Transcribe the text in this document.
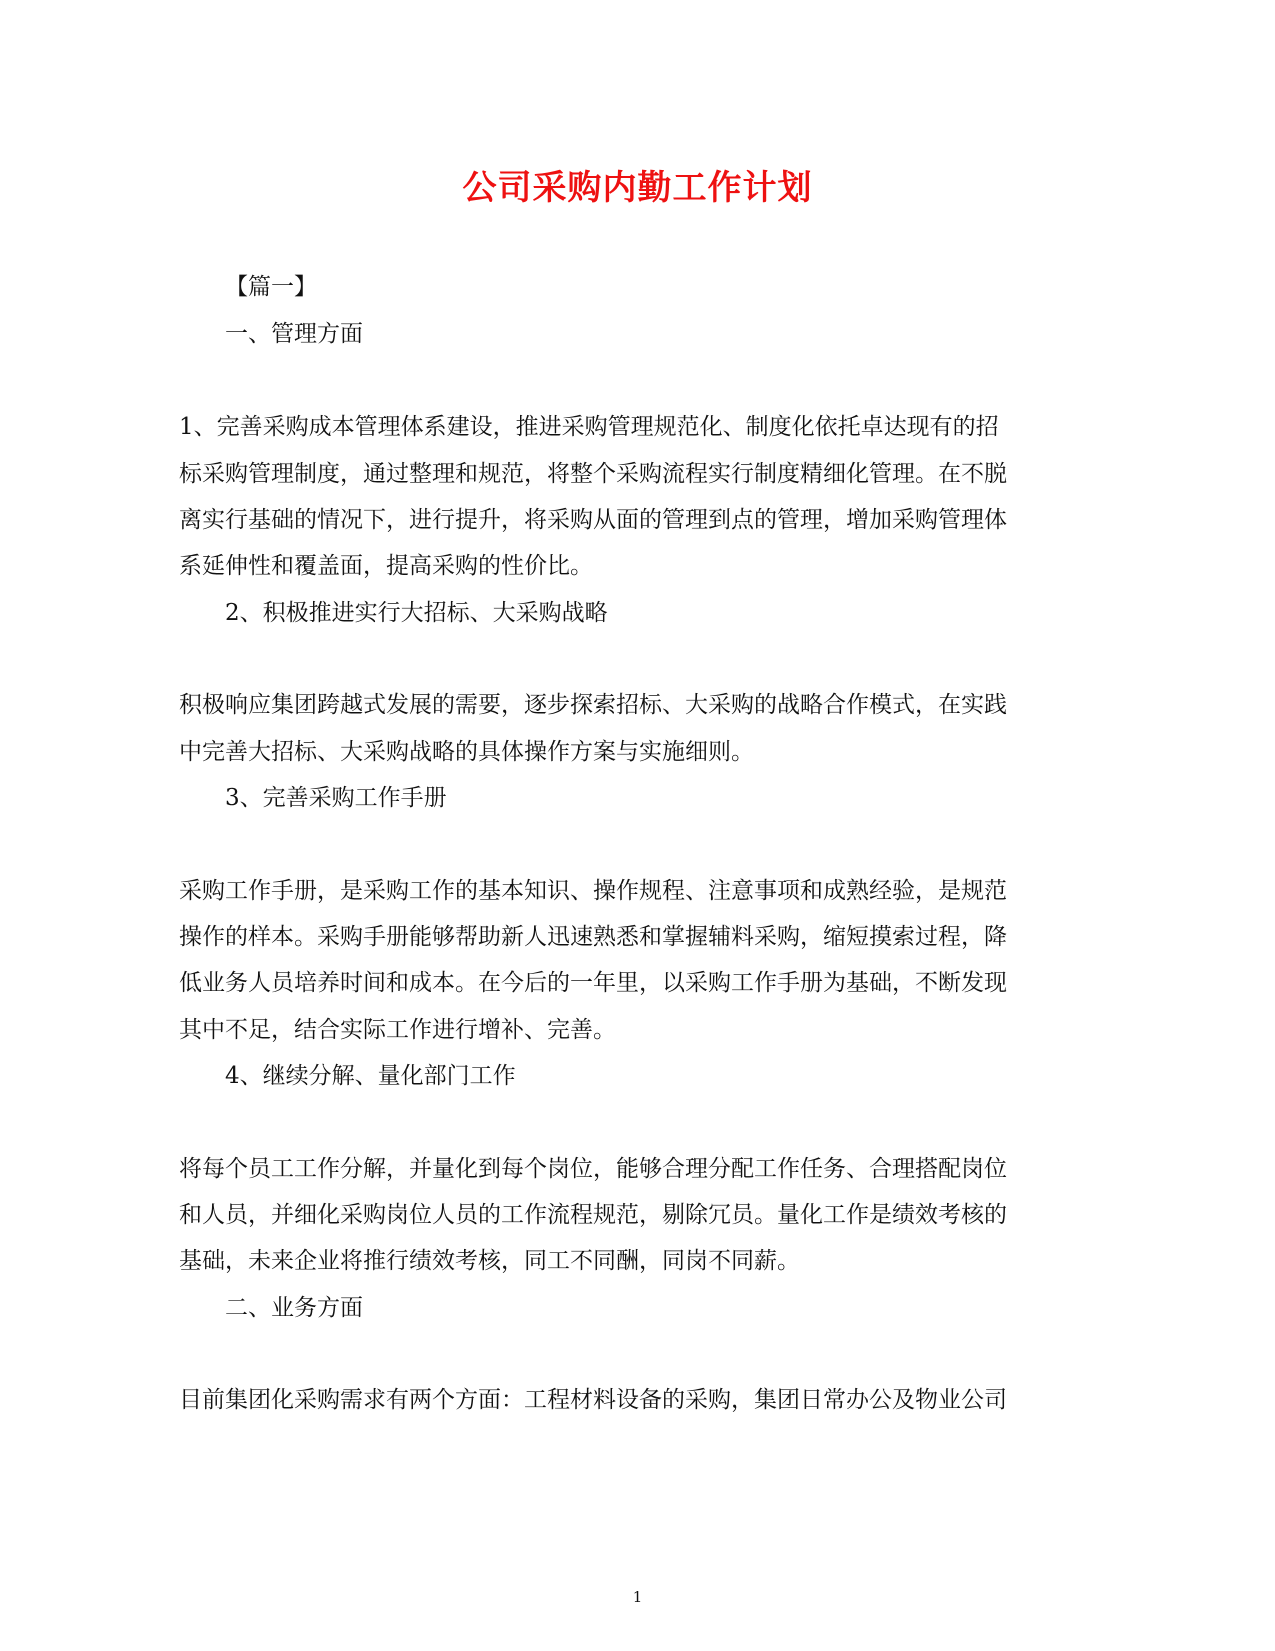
公司采购内勤工作计划
【篇一】
一、管理方面
1、完善采购成本管理体系建设，推进采购管理规范化、制度化依托卓达现有的招
标采购管理制度，通过整理和规范，将整个采购流程实行制度精细化管理。在不脱
离实行基础的情况下，进行提升，将采购从面的管理到点的管理，增加采购管理体
系延伸性和覆盖面，提高采购的性价比。
2、积极推进实行大招标、大采购战略
积极响应集团跨越式发展的需要，逐步探索招标、大采购的战略合作模式，在实践
中完善大招标、大采购战略的具体操作方案与实施细则。
3、完善采购工作手册
采购工作手册，是采购工作的基本知识、操作规程、注意事项和成熟经验，是规范
操作的样本。采购手册能够帮助新人迅速熟悉和掌握辅料采购，缩短摸索过程，降
低业务人员培养时间和成本。在今后的一年里，以采购工作手册为基础，不断发现
其中不足，结合实际工作进行增补、完善。
4、继续分解、量化部门工作
将每个员工工作分解，并量化到每个岗位，能够合理分配工作任务、合理搭配岗位
和人员，并细化采购岗位人员的工作流程规范，剔除冗员。量化工作是绩效考核的
基础，未来企业将推行绩效考核，同工不同酬，同岗不同薪。
二、业务方面
目前集团化采购需求有两个方面：工程材料设备的采购，集团日常办公及物业公司
1
